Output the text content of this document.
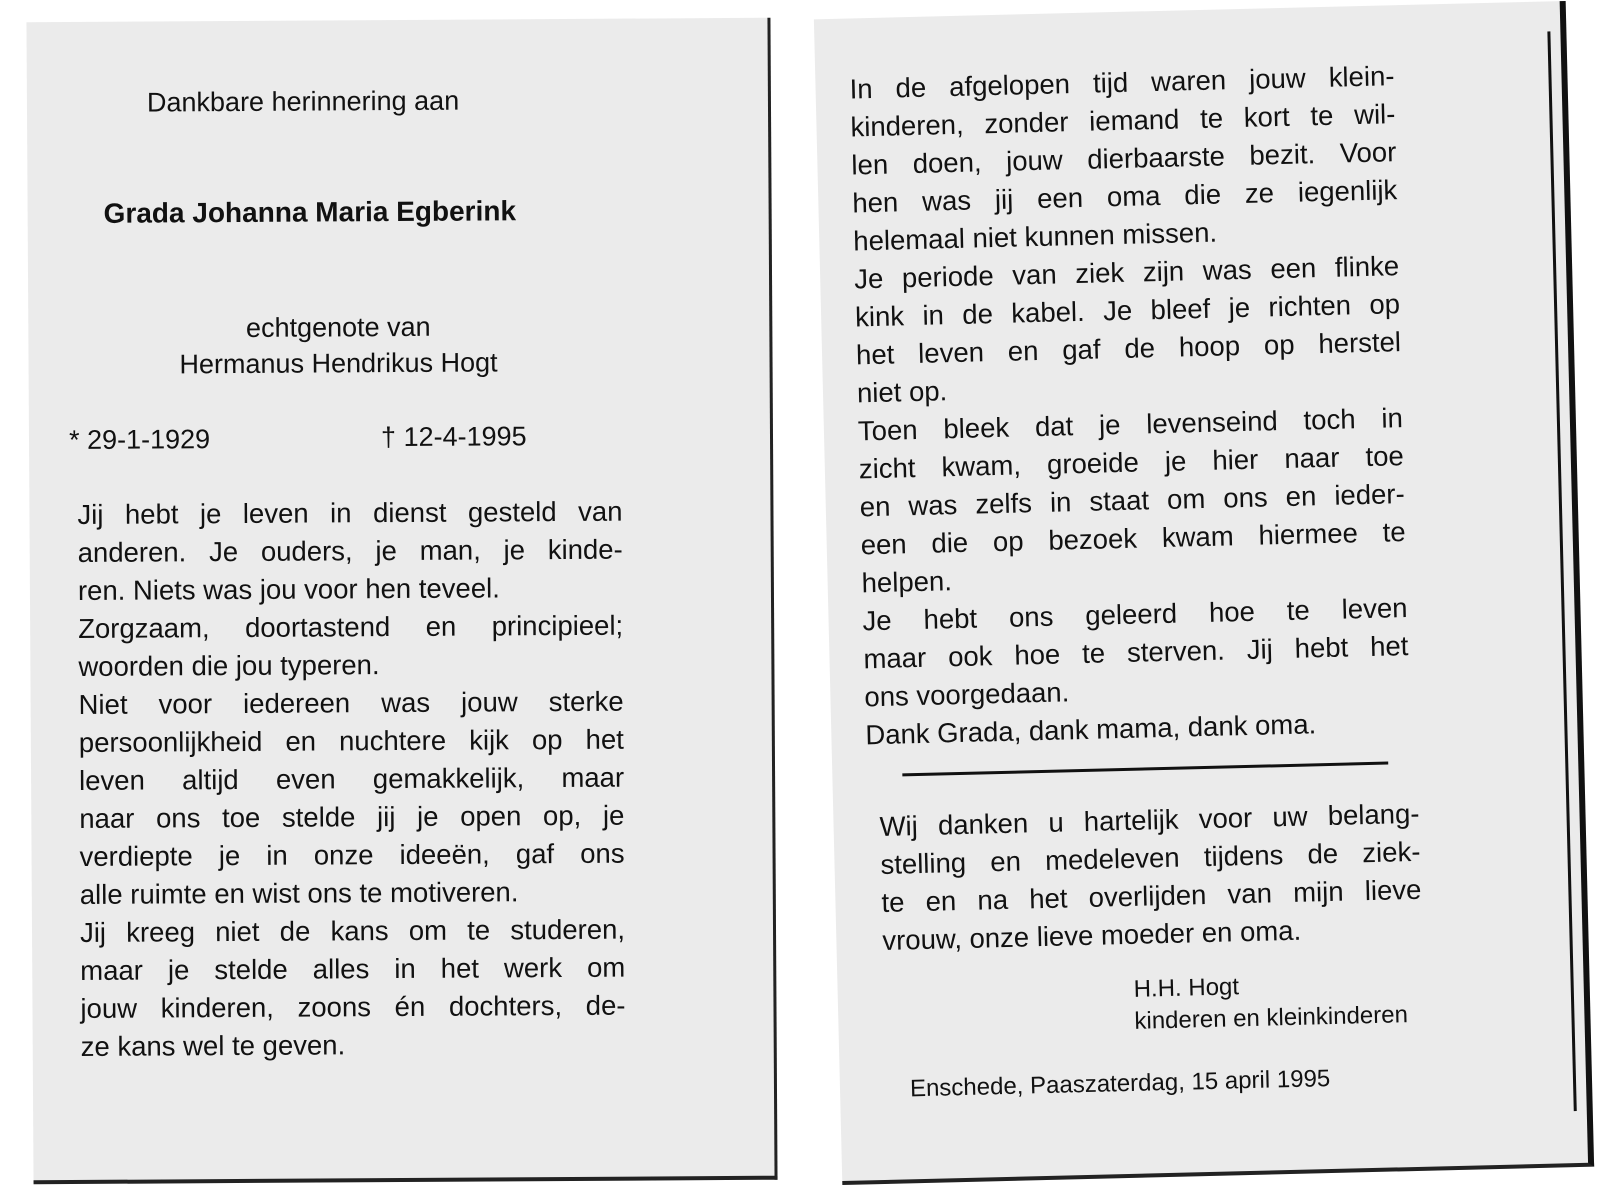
Dankbare herinnering aan
Grada Johanna Maria Egberink
echtgenote van
Hermanus Hendrikus Hogt
* 29-1-1929	† 12-4-1995
Jij hebt je leven in dienst gesteld van
anderen. Je ouders, je man, je kinde-
ren. Niets was jou voor hen teveel.
Zorgzaam, doortastend en principieel;
woorden die jou typeren.
Niet voor iedereen was jouw sterke
persoonlijkheid en nuchtere kijk op het
leven altijd even gemakkelijk, maar
naar ons toe stelde jij je open op, je
verdiepte je in onze ideeën, gaf ons
alle ruimte en wist ons te motiveren.
Jij kreeg niet de kans om te studeren,
maar je stelde alles in het werk om
jouw kinderen, zoons én dochters, de-
ze kans wel te geven.
In de afgelopen tijd waren jouw klein-
kinderen, zonder iemand te kort te wil-
len doen, jouw dierbaarste bezit. Voor
hen was jij een oma die ze iegenlijk
helemaal niet kunnen missen.
Je periode van ziek zijn was een flinke
kink in de kabel. Je bleef je richten op
het leven en gaf de hoop op herstel
niet op.
Toen bleek dat je levenseind toch in
zicht kwam, groeide je hier naar toe
en was zelfs in staat om ons en ieder-
een die op bezoek kwam hiermee te
helpen.
Je hebt ons geleerd hoe te leven
maar ook hoe te sterven. Jij hebt het
ons voorgedaan.
Dank Grada, dank mama, dank oma.
Wij danken u hartelijk voor uw belang-
stelling en medeleven tijdens de ziek-
te en na het overlijden van mijn lieve
vrouw, onze lieve moeder en oma.
H.H. Hogt
kinderen en kleinkinderen
Enschede, Paaszaterdag, 15 april 1995
